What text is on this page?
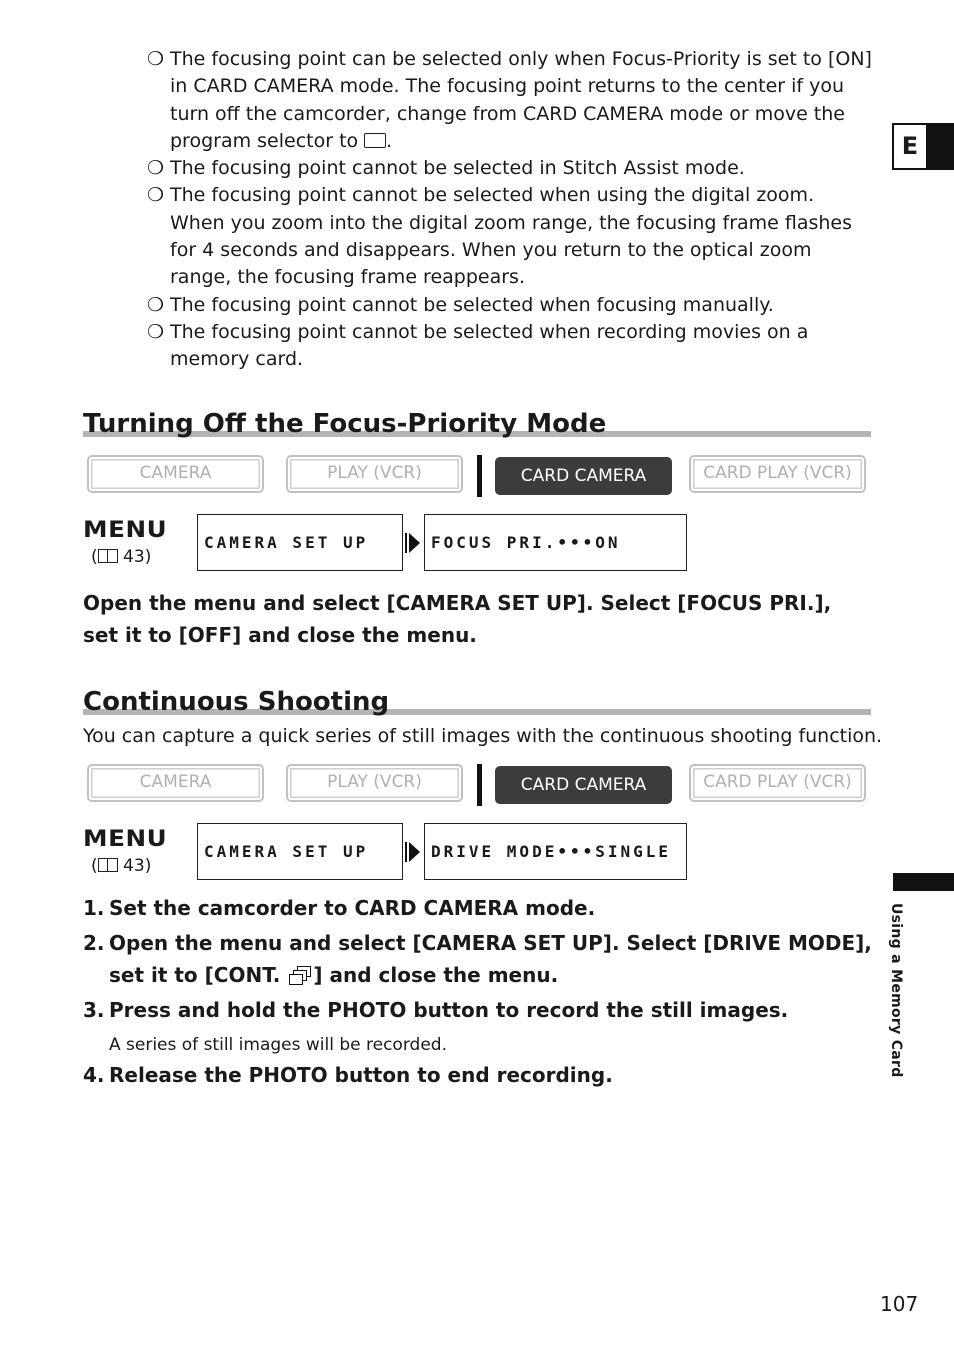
E
❍ The focusing point can be selected only when Focus-Priority is set to [ON] in CARD CAMERA mode. The focusing point returns to the center if you turn off the camcorder, change from CARD CAMERA mode or move the program selector to .
❍ The focusing point cannot be selected in Stitch Assist mode.
❍ The focusing point cannot be selected when using the digital zoom. When you zoom into the digital zoom range, the focusing frame flashes for 4 seconds and disappears. When you return to the optical zoom range, the focusing frame reappears.
❍ The focusing point cannot be selected when focusing manually.
❍ The focusing point cannot be selected when recording movies on a memory card.
Turning Off the Focus-Priority Mode
CAMERA	PLAY (VCR)	CARD CAMERA	CARD PLAY (VCR)
MENU
( 43)
CAMERA SET UP	FOCUS PRI.•••ON
Open the menu and select [CAMERA SET UP]. Select [FOCUS PRI.], set it to [OFF] and close the menu.
Continuous Shooting
You can capture a quick series of still images with the continuous shooting function.
CAMERA	PLAY (VCR)	CARD CAMERA	CARD PLAY (VCR)
MENU
( 43)
CAMERA SET UP	DRIVE MODE•••SINGLE
1. Set the camcorder to CARD CAMERA mode.
2. Open the menu and select [CAMERA SET UP]. Select [DRIVE MODE], set it to [CONT. ] and close the menu.
3. Press and hold the PHOTO button to record the still images.
A series of still images will be recorded.
4. Release the PHOTO button to end recording.	Using a Memory Card
107
